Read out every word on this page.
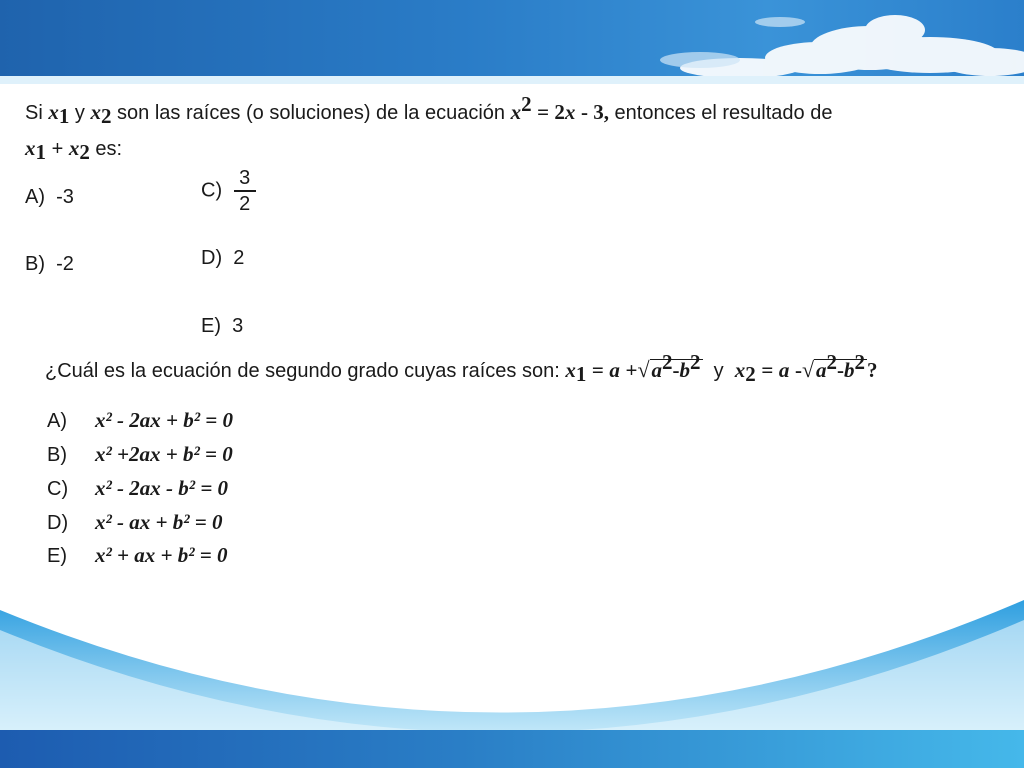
Si $x_1$ y $x_2$ son las raíces (o soluciones) de la ecuación $x^2 = 2x - 3$, entonces el resultado de
$x_1 + x_2$ es:
A) -3	$C) \frac{3}{2}$
B) -2	D) 2
E) 3
¿Cuál es la ecuación de segundo grado cuyas raíces son: $x_1 = a +√a^2-b^2$ y $x_2 = a$ $-√a^2-b^2$?
A) x² - 2ax + b² = 0
B) x² +2ax + b² = 0
C) x² - 2ax - b² = 0
D) x² - ax + b² = 0
E) x² + ax + b² = 0
